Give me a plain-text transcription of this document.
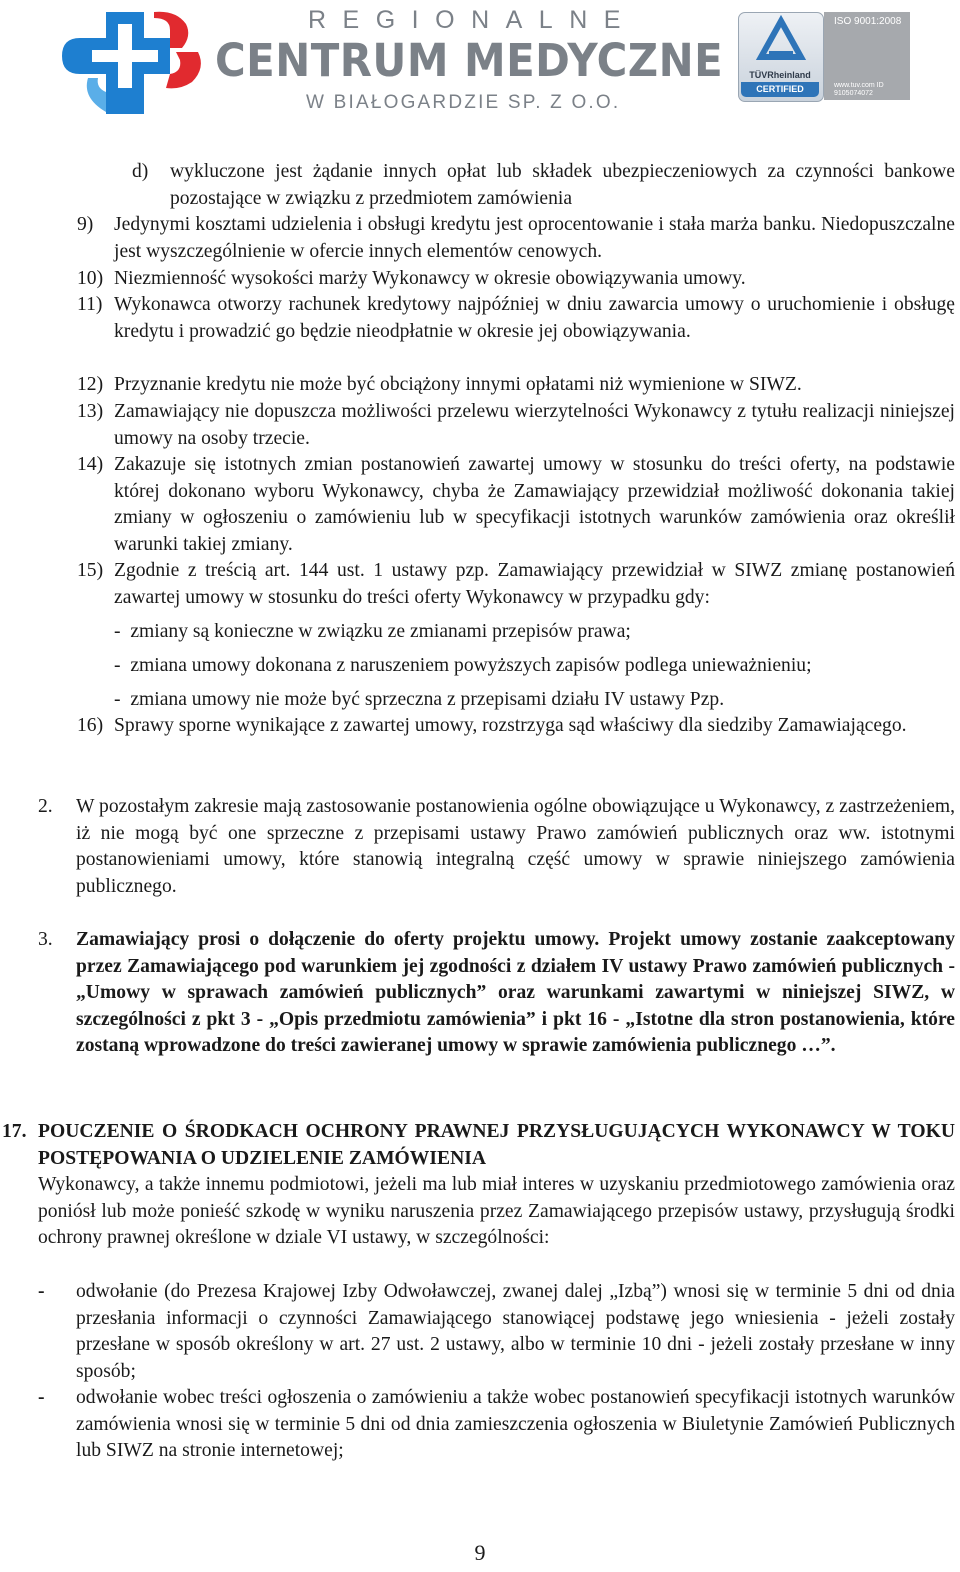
REGIONALNE
CENTRUM MEDYCZNE
W BIAŁOGARDZIE SP. Z O.O.
TÜVRheinland
CERTIFIED
ISO 9001:2008
www.tuv.com ID 9105074072
d) wykluczone jest żądanie innych opłat lub składek ubezpieczeniowych za czynności bankowe pozostające w związku z przedmiotem zamówienia
9) Jedynymi kosztami udzielenia i obsługi kredytu jest oprocentowanie i stała marża banku. Niedopuszczalne jest wyszczególnienie w ofercie innych elementów cenowych.
10) Niezmienność wysokości marży Wykonawcy w okresie obowiązywania umowy.
11) Wykonawca otworzy rachunek kredytowy najpóźniej w dniu zawarcia umowy o uruchomienie i obsługę kredytu i prowadzić go będzie nieodpłatnie w okresie jej obowiązywania.
12) Przyznanie kredytu nie może być obciążony innymi opłatami niż wymienione w SIWZ.
13) Zamawiający nie dopuszcza możliwości przelewu wierzytelności Wykonawcy z tytułu realizacji niniejszej umowy na osoby trzecie.
14) Zakazuje się istotnych zmian postanowień zawartej umowy w stosunku do treści oferty, na podstawie której dokonano wyboru Wykonawcy, chyba że Zamawiający przewidział możliwość dokonania takiej zmiany w ogłoszeniu o zamówieniu lub w specyfikacji istotnych warunków zamówienia oraz określił warunki takiej zmiany.
15) Zgodnie z treścią art. 144 ust. 1 ustawy pzp. Zamawiający przewidział w SIWZ zmianę postanowień zawartej umowy w stosunku do treści oferty Wykonawcy w przypadku gdy:
- zmiany są konieczne w związku ze zmianami przepisów prawa;
- zmiana umowy dokonana z naruszeniem powyższych zapisów podlega unieważnieniu;
- zmiana umowy nie może być sprzeczna z przepisami działu IV ustawy Pzp.
16) Sprawy sporne wynikające z zawartej umowy, rozstrzyga sąd właściwy dla siedziby Zamawiającego.
2. W pozostałym zakresie mają zastosowanie postanowienia ogólne obowiązujące u Wykonawcy, z zastrzeżeniem, iż nie mogą być one sprzeczne z przepisami ustawy Prawo zamówień publicznych oraz ww. istotnymi postanowieniami umowy, które stanowią integralną część umowy w sprawie niniejszego zamówienia publicznego.
3. Zamawiający prosi o dołączenie do oferty projektu umowy. Projekt umowy zostanie zaakceptowany przez Zamawiającego pod warunkiem jej zgodności z działem IV ustawy Prawo zamówień publicznych - „Umowy w sprawach zamówień publicznych” oraz warunkami zawartymi w niniejszej SIWZ, w szczególności z pkt 3 - „Opis przedmiotu zamówienia” i pkt 16 - „Istotne dla stron postanowienia, które zostaną wprowadzone do treści zawieranej umowy w sprawie zamówienia publicznego …”.
17. POUCZENIE O ŚRODKACH OCHRONY PRAWNEJ PRZYSŁUGUJĄCYCH WYKONAWCY W TOKU POSTĘPOWANIA O UDZIELENIE ZAMÓWIENIA
Wykonawcy, a także innemu podmiotowi, jeżeli ma lub miał interes w uzyskaniu przedmiotowego zamówienia oraz poniósł lub może ponieść szkodę w wyniku naruszenia przez Zamawiającego przepisów ustawy, przysługują środki ochrony prawnej określone w dziale VI ustawy, w szczególności:
- odwołanie (do Prezesa Krajowej Izby Odwoławczej, zwanej dalej „Izbą”) wnosi się w terminie 5 dni od dnia przesłania informacji o czynności Zamawiającego stanowiącej podstawę jego wniesienia - jeżeli zostały przesłane w sposób określony w art. 27 ust. 2 ustawy, albo w terminie 10 dni - jeżeli zostały przesłane w inny sposób;
- odwołanie wobec treści ogłoszenia o zamówieniu a także wobec postanowień specyfikacji istotnych warunków zamówienia wnosi się w terminie 5 dni od dnia zamieszczenia ogłoszenia w Biuletynie Zamówień Publicznych lub SIWZ na stronie internetowej;
9
